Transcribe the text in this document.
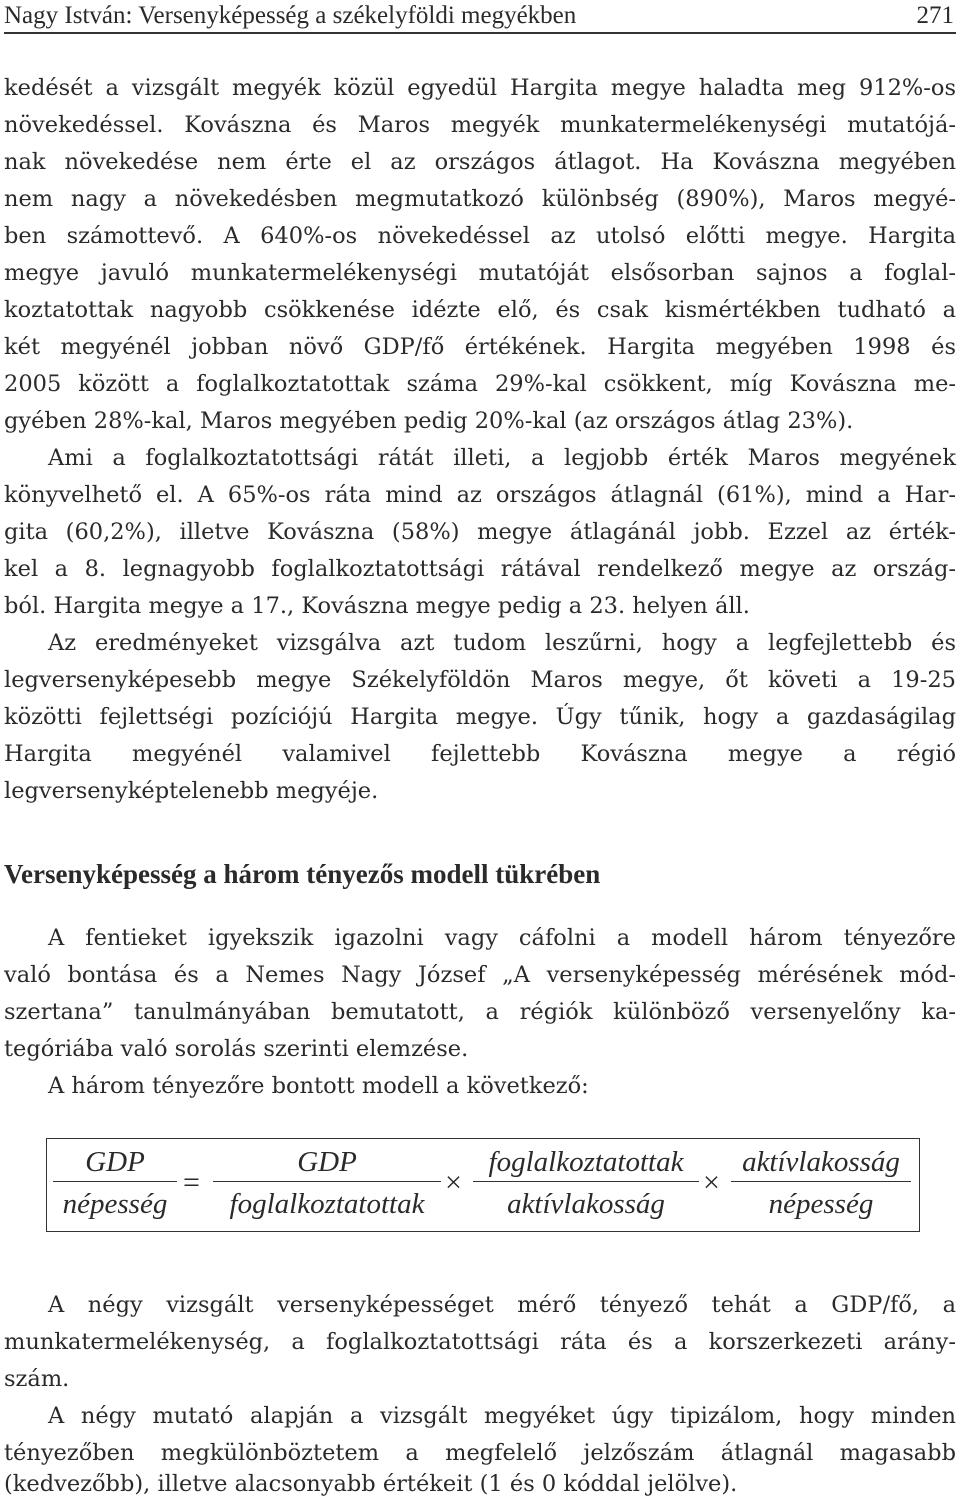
Nagy István: Versenyképesség a székelyföldi megyékben	271
kedését a vizsgált megyék közül egyedül Hargita megye haladta meg 912%-os
növekedéssel. Kovászna és Maros megyék munkatermelékenységi mutatójá-
nak növekedése nem érte el az országos átlagot. Ha Kovászna megyében
nem nagy a növekedésben megmutatkozó különbség (890%), Maros megyé-
ben számottevő. A 640%-os növekedéssel az utolsó előtti megye. Hargita
megye javuló munkatermelékenységi mutatóját elsősorban sajnos a foglal-
koztatottak nagyobb csökkenése idézte elő, és csak kismértékben tudható a
két megyénél jobban növő GDP/fő értékének. Hargita megyében 1998 és
2005 között a foglalkoztatottak száma 29%-kal csökkent, míg Kovászna me-
gyében 28%-kal, Maros megyében pedig 20%-kal (az országos átlag 23%).
Ami a foglalkoztatottsági rátát illeti, a legjobb érték Maros megyének
könyvelhető el. A 65%-os ráta mind az országos átlagnál (61%), mind a Har-
gita (60,2%), illetve Kovászna (58%) megye átlagánál jobb. Ezzel az érték-
kel a 8. legnagyobb foglalkoztatottsági rátával rendelkező megye az ország-
ból. Hargita megye a 17., Kovászna megye pedig a 23. helyen áll.
Az eredményeket vizsgálva azt tudom leszűrni, hogy a legfejlettebb és
legversenyképesebb megye Székelyföldön Maros megye, őt követi a 19-25
közötti fejlettségi pozíciójú Hargita megye. Úgy tűnik, hogy a gazdaságilag
Hargita megyénél valamivel fejlettebb Kovászna megye a régió
legversenyképtelenebb megyéje.
Versenyképesség a három tényezős modell tükrében
A fentieket igyekszik igazolni vagy cáfolni a modell három tényezőre
való bontása és a Nemes Nagy József „A versenyképesség mérésének mód-
szertana” tanulmányában bemutatott, a régiók különböző versenyelőny ka-
tegóriába való sorolás szerinti elemzése.
A három tényezőre bontott modell a következő:
GDP
népesség
=
GDP
foglalkoztatottak
×
foglalkoztatottak
aktívlakosság
×
aktívlakosság
népesség
A négy vizsgált versenyképességet mérő tényező tehát a GDP/fő, a
munkatermelékenység, a foglalkoztatottsági ráta és a korszerkezeti arány-
szám.
A négy mutató alapján a vizsgált megyéket úgy tipizálom, hogy minden
tényezőben megkülönböztetem a megfelelő jelzőszám átlagnál magasabb
(kedvezőbb), illetve alacsonyabb értékeit (1 és 0 kóddal jelölve).
